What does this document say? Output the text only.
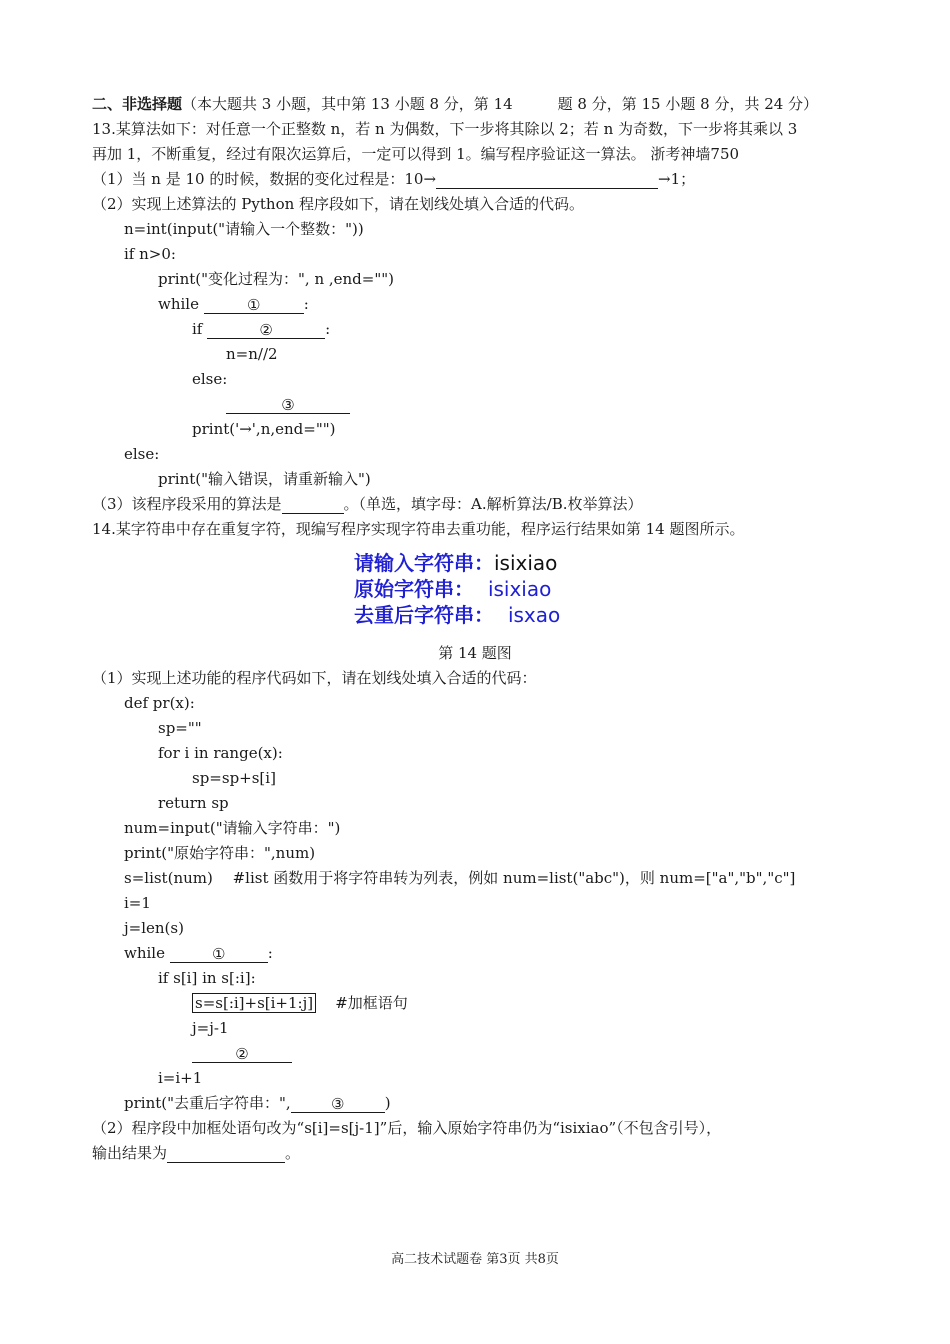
二、非选择题（本大题共 3 小题，其中第 13 小题 8 分，第 14　　　题 8 分，第 15 小题 8 分，共 24 分）
13.某算法如下：对任意一个正整数 n，若 n 为偶数，下一步将其除以 2；若 n 为奇数，下一步将其乘以 3
再加 1，不断重复，经过有限次运算后，一定可以得到 1。编写程序验证这一算法。 浙考神墙750
（1）当 n 是 10 的时候，数据的变化过程是：10→	→1；
（2）实现上述算法的 Python 程序段如下，请在划线处填入合适的代码。
n=int(input("请输入一个整数："))
if n>0:
print("变化过程为：", n ,end="")
while	①	:
if	②	:
n=n//2
else:
③
print('→',n,end="")
else:
print("输入错误，请重新输入")
（3）该程序段采用的算法是	。（单选，填字母：A.解析算法/B.枚举算法）
14.某字符串中存在重复字符，现编写程序实现字符串去重功能，程序运行结果如第 14 题图所示。
请输入字符串：isixiao
原始字符串： isixiao
去重后字符串： isxao
第 14 题图
（1）实现上述功能的程序代码如下，请在划线处填入合适的代码：
def pr(x):
sp=""
for i in range(x):
sp=sp+s[i]
return sp
num=input("请输入字符串：")
print("原始字符串：",num)
s=list(num)　 #list 函数用于将字符串转为列表，例如 num=list("abc")，则 num=["a","b","c"]
i=1
j=len(s)
while	①	:
if s[i] in s[:i]:
s=s[:i]+s[i+1:j] #加框语句
j=j-1
②
i=i+1
print("去重后字符串：",	③	)
（2）程序段中加框处语句改为“s[i]=s[j-1]”后，输入原始字符串仍为“isixiao”（不包含引号），
输出结果为	。
高二技术试题卷 第3页 共8页
